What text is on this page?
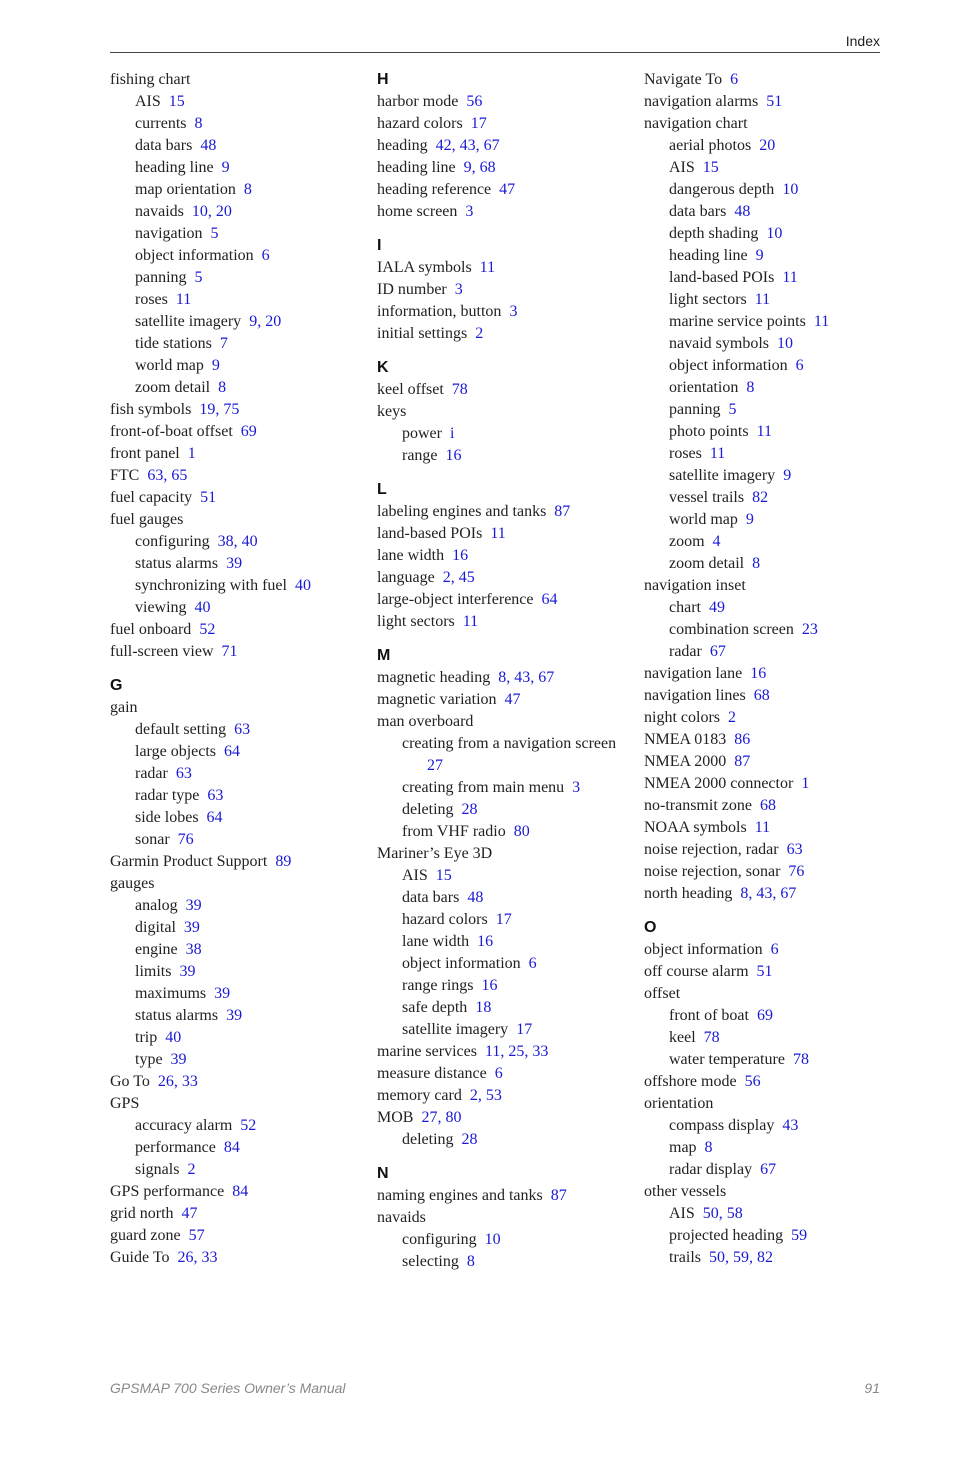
Index
fishing chart
AIS 15
currents 8
data bars 48
heading line 9
map orientation 8
navaids 10, 20
navigation 5
object information 6
panning 5
roses 11
satellite imagery 9, 20
tide stations 7
world map 9
zoom detail 8
fish symbols 19, 75
front-of-boat offset 69
front panel 1
FTC 63, 65
fuel capacity 51
fuel gauges
configuring 38, 40
status alarms 39
synchronizing with fuel 40
viewing 40
fuel onboard 52
full-screen view 71
G
gain
default setting 63
large objects 64
radar 63
radar type 63
side lobes 64
sonar 76
Garmin Product Support 89
gauges
analog 39
digital 39
engine 38
limits 39
maximums 39
status alarms 39
trip 40
type 39
Go To 26, 33
GPS
accuracy alarm 52
performance 84
signals 2
GPS performance 84
grid north 47
guard zone 57
Guide To 26, 33
H
harbor mode 56
hazard colors 17
heading 42, 43, 67
heading line 9, 68
heading reference 47
home screen 3
I
IALA symbols 11
ID number 3
information, button 3
initial settings 2
K
keel offset 78
keys
power i
range 16
L
labeling engines and tanks 87
land-based POIs 11
lane width 16
language 2, 45
large-object interference 64
light sectors 11
M
magnetic heading 8, 43, 67
magnetic variation 47
man overboard
creating from a navigation screen
27
creating from main menu 3
deleting 28
from VHF radio 80
Mariner’s Eye 3D
AIS 15
data bars 48
hazard colors 17
lane width 16
object information 6
range rings 16
safe depth 18
satellite imagery 17
marine services 11, 25, 33
measure distance 6
memory card 2, 53
MOB 27, 80
deleting 28
N
naming engines and tanks 87
navaids
configuring 10
selecting 8
Navigate To 6
navigation alarms 51
navigation chart
aerial photos 20
AIS 15
dangerous depth 10
data bars 48
depth shading 10
heading line 9
land-based POIs 11
light sectors 11
marine service points 11
navaid symbols 10
object information 6
orientation 8
panning 5
photo points 11
roses 11
satellite imagery 9
vessel trails 82
world map 9
zoom 4
zoom detail 8
navigation inset
chart 49
combination screen 23
radar 67
navigation lane 16
navigation lines 68
night colors 2
NMEA 0183 86
NMEA 2000 87
NMEA 2000 connector 1
no-transmit zone 68
NOAA symbols 11
noise rejection, radar 63
noise rejection, sonar 76
north heading 8, 43, 67
O
object information 6
off course alarm 51
offset
front of boat 69
keel 78
water temperature 78
offshore mode 56
orientation
compass display 43
map 8
radar display 67
other vessels
AIS 50, 58
projected heading 59
trails 50, 59, 82
GPSMAP 700 Series Owner’s Manual	91
